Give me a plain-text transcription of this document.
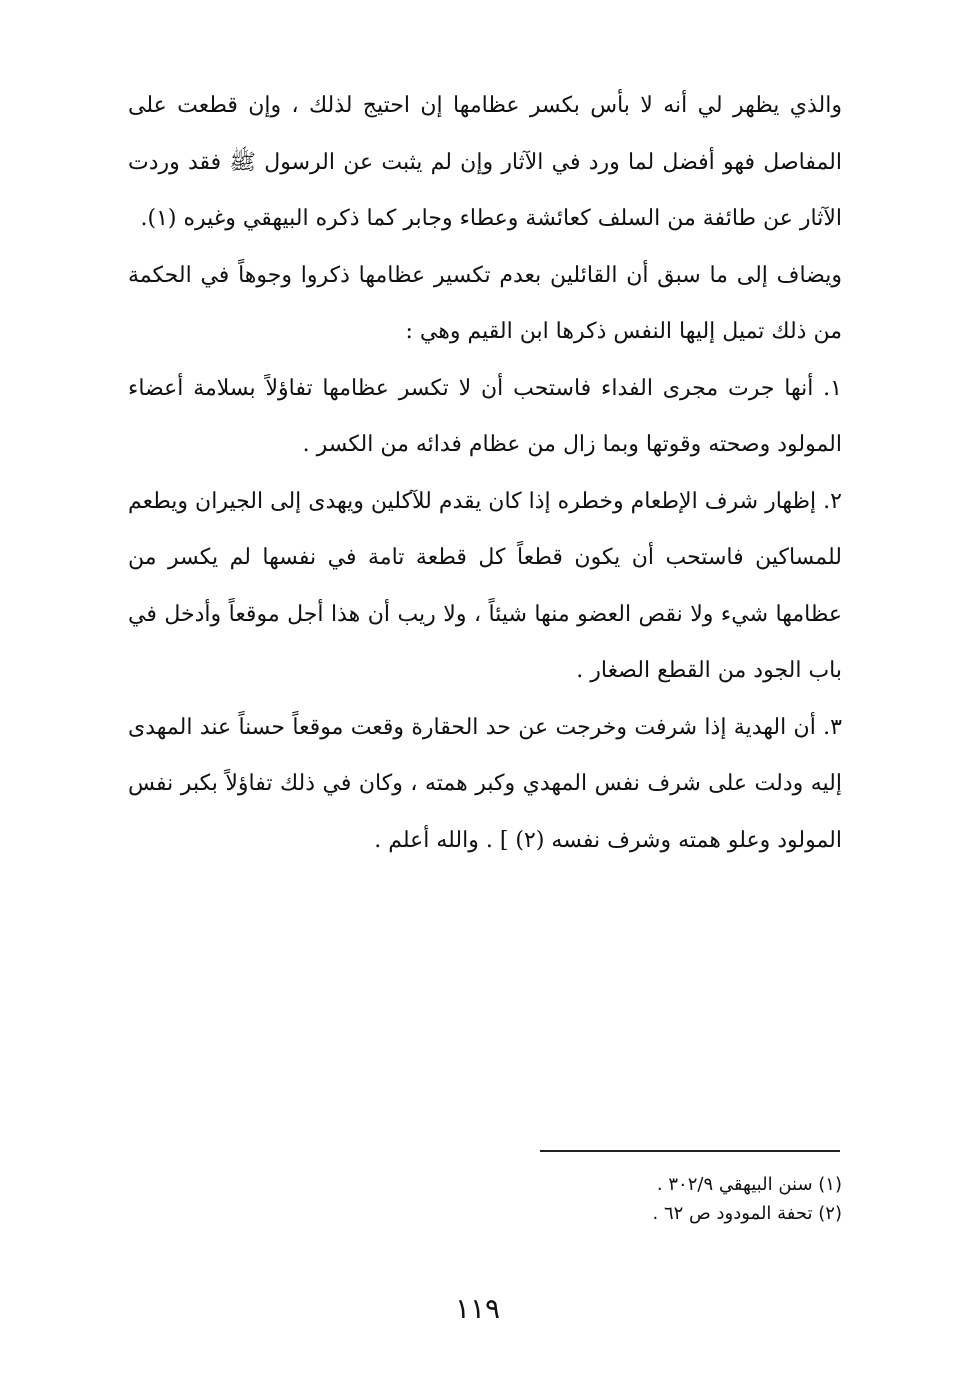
والذي يظهر لي أنه لا بأس بكسر عظامها إن احتيج لذلك ، وإن قطعت على المفاصل فهو أفضل لما ورد في الآثار وإن لم يثبت عن الرسول ﷺ فقد وردت الآثار عن طائفة من السلف كعائشة وعطاء وجابر كما ذكره البيهقي وغيره (١).

ويضاف إلى ما سبق أن القائلين بعدم تكسير عظامها ذكروا وجوهاً في الحكمة من ذلك تميل إليها النفس ذكرها ابن القيم وهي :

١. أنها جرت مجرى الفداء فاستحب أن لا تكسر عظامها تفاؤلاً بسلامة أعضاء المولود وصحته وقوتها وبما زال من عظام فدائه من الكسر .

٢. إظهار شرف الإطعام وخطره إذا كان يقدم للآكلين ويهدى إلى الجيران ويطعم للمساكين فاستحب أن يكون قطعاً كل قطعة تامة في نفسها لم يكسر من عظامها شيء ولا نقص العضو منها شيئاً ، ولا ريب أن هذا أجل موقعاً وأدخل في باب الجود من القطع الصغار .

٣. أن الهدية إذا شرفت وخرجت عن حد الحقارة وقعت موقعاً حسناً عند المهدى إليه ودلت على شرف نفس المهدي وكبر همته ، وكان في ذلك تفاؤلاً بكبر نفس المولود وعلو همته وشرف نفسه (٢) ] . والله أعلم .

(١) سنن البيهقي ٣٠٢/٩ .

(٢) تحفة المودود ص ٦٢ .

١١٩
